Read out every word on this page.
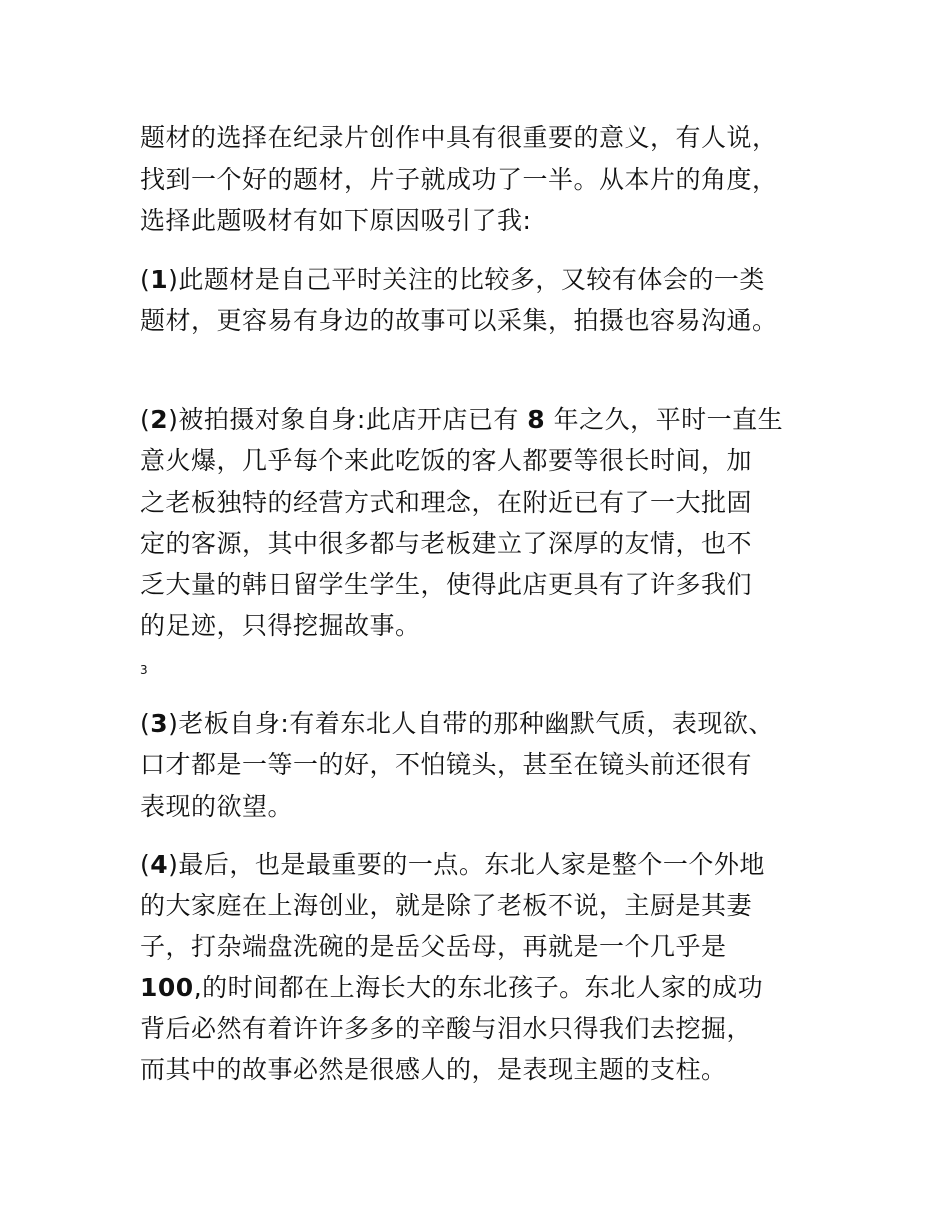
题材的选择在纪录片创作中具有很重要的意义，有人说，
找到一个好的题材，片子就成功了一半。从本片的角度，
选择此题吸材有如下原因吸引了我:
(1)此题材是自己平时关注的比较多，又较有体会的一类
题材，更容易有身边的故事可以采集，拍摄也容易沟通。
(2)被拍摄对象自身:此店开店已有 8 年之久，平时一直生
意火爆，几乎每个来此吃饭的客人都要等很长时间，加
之老板独特的经营方式和理念，在附近已有了一大批固
定的客源，其中很多都与老板建立了深厚的友情，也不
乏大量的韩日留学生学生，使得此店更具有了许多我们
的足迹，只得挖掘故事。
3
(3)老板自身:有着东北人自带的那种幽默气质，表现欲、
口才都是一等一的好，不怕镜头，甚至在镜头前还很有
表现的欲望。
(4)最后，也是最重要的一点。东北人家是整个一个外地
的大家庭在上海创业，就是除了老板不说，主厨是其妻
子，打杂端盘洗碗的是岳父岳母，再就是一个几乎是
100,的时间都在上海长大的东北孩子。东北人家的成功
背后必然有着许许多多的辛酸与泪水只得我们去挖掘，
而其中的故事必然是很感人的，是表现主题的支柱。
